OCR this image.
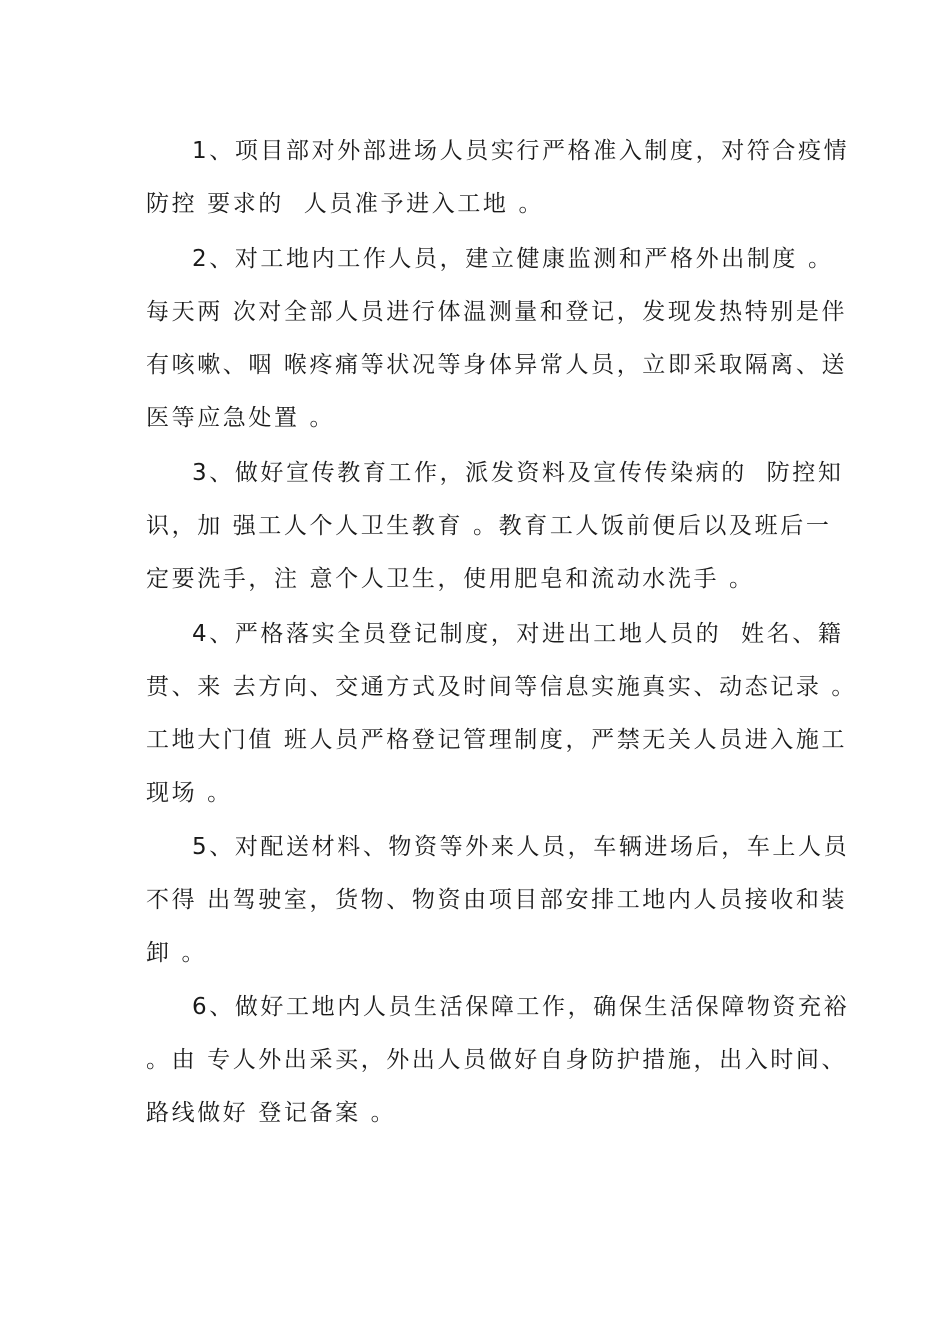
1、项目部对外部进场人员实行严格准入制度，对符合疫情
防控 要求的  人员准予进入工地 。
2、对工地内工作人员，建立健康监测和严格外出制度 。
每天两 次对全部人员进行体温测量和登记，发现发热特别是伴
有咳嗽、咽 喉疼痛等状况等身体异常人员，立即采取隔离、送
医等应急处置 。
3、做好宣传教育工作，派发资料及宣传传染病的  防控知
识，加 强工人个人卫生教育 。教育工人饭前便后以及班后一
定要洗手，注 意个人卫生，使用肥皂和流动水洗手 。
4、严格落实全员登记制度，对进出工地人员的  姓名、籍
贯、来 去方向、交通方式及时间等信息实施真实、动态记录 。
工地大门值 班人员严格登记管理制度，严禁无关人员进入施工
现场 。
5、对配送材料、物资等外来人员，车辆进场后，车上人员
不得 出驾驶室，货物、物资由项目部安排工地内人员接收和装
卸 。
6、做好工地内人员生活保障工作，确保生活保障物资充裕
。由 专人外出采买，外出人员做好自身防护措施，出入时间、
路线做好 登记备案 。
